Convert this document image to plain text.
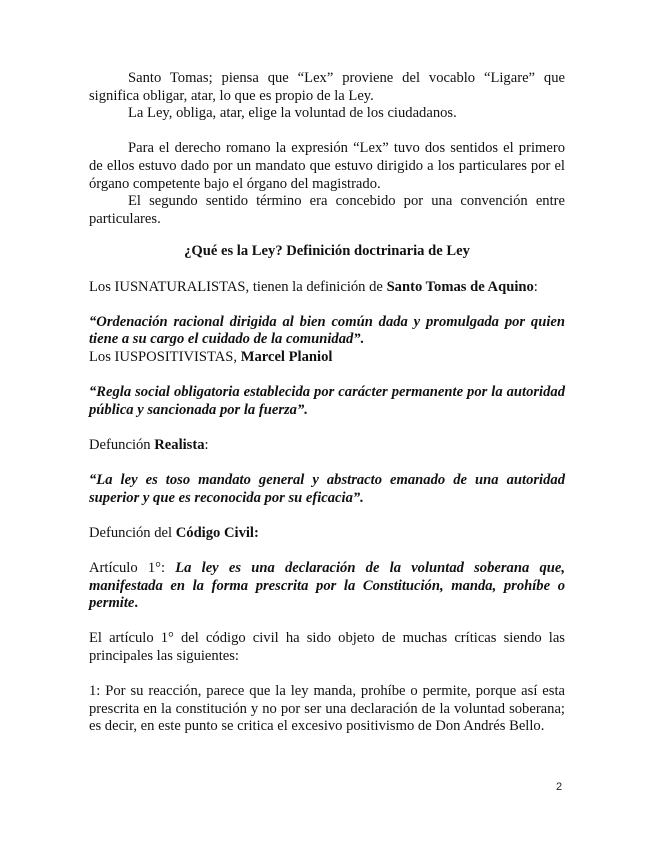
Santo Tomas; piensa que “Lex” proviene del vocablo “Ligare” que significa obligar, atar, lo que es propio de la Ley.

La Ley, obliga, atar, elige la voluntad de los ciudadanos.

Para el derecho romano la expresión “Lex” tuvo dos sentidos el primero de ellos estuvo dado por un mandato que estuvo dirigido a los particulares por el órgano competente bajo el órgano del magistrado.

El segundo sentido término era concebido por una convención entre particulares.

¿Qué es la Ley? Definición doctrinaria de Ley

Los IUSNATURALISTAS, tienen la definición de Santo Tomas de Aquino:

“Ordenación racional dirigida al bien común dada y promulgada por quien tiene a su cargo el cuidado de la comunidad”.

Los IUSPOSITIVISTAS, Marcel Planiol

“Regla social obligatoria establecida por carácter permanente por la autoridad pública y sancionada por la fuerza”.

Defunción Realista:

“La ley es toso mandato general y abstracto emanado de una autoridad superior y que es reconocida por su eficacia”.

Defunción del Código Civil:

Artículo 1°: La ley es una declaración de la voluntad soberana que, manifestada en la forma prescrita por la Constitución, manda, prohíbe o permite.

El artículo 1° del código civil ha sido objeto de muchas críticas siendo las principales las siguientes:

1: Por su reacción, parece que la ley manda, prohíbe o permite, porque así esta prescrita en la constitución y no por ser una declaración de la voluntad soberana; es decir, en este punto se critica el excesivo positivismo de Don Andrés Bello.

2
